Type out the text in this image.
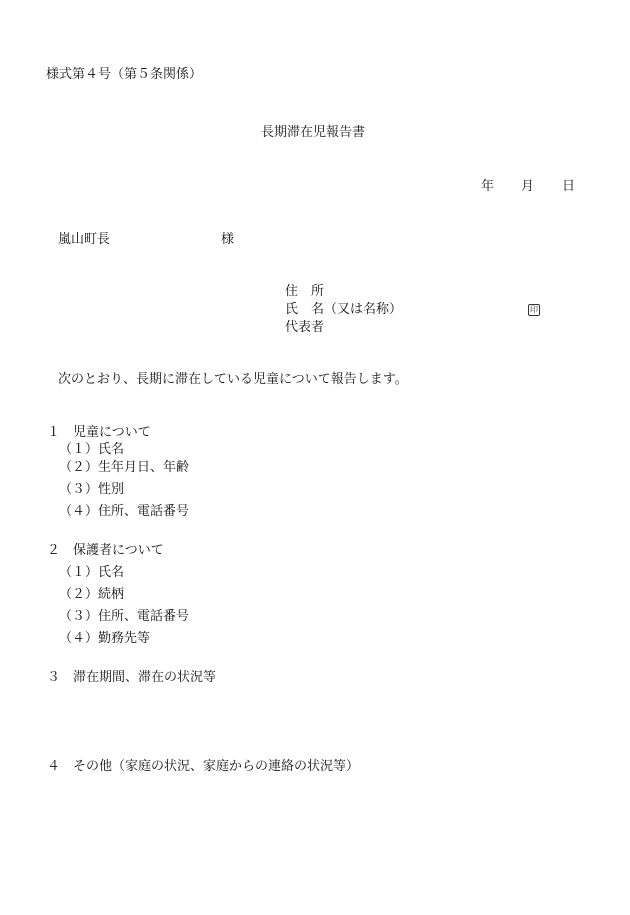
様式第４号（第５条関係）
長期滞在児報告書
年 月 日
嵐山町長	様
住　所
氏　名（又は名称）	印
代表者
次のとおり、長期に滞在している児童について報告します。
１　児童について
（１）氏名
（２）生年月日、年齢
（３）性別
（４）住所、電話番号
２　保護者について
（１）氏名
（２）続柄
（３）住所、電話番号
（４）勤務先等
３　滞在期間、滞在の状況等
４　その他（家庭の状況、家庭からの連絡の状況等）
